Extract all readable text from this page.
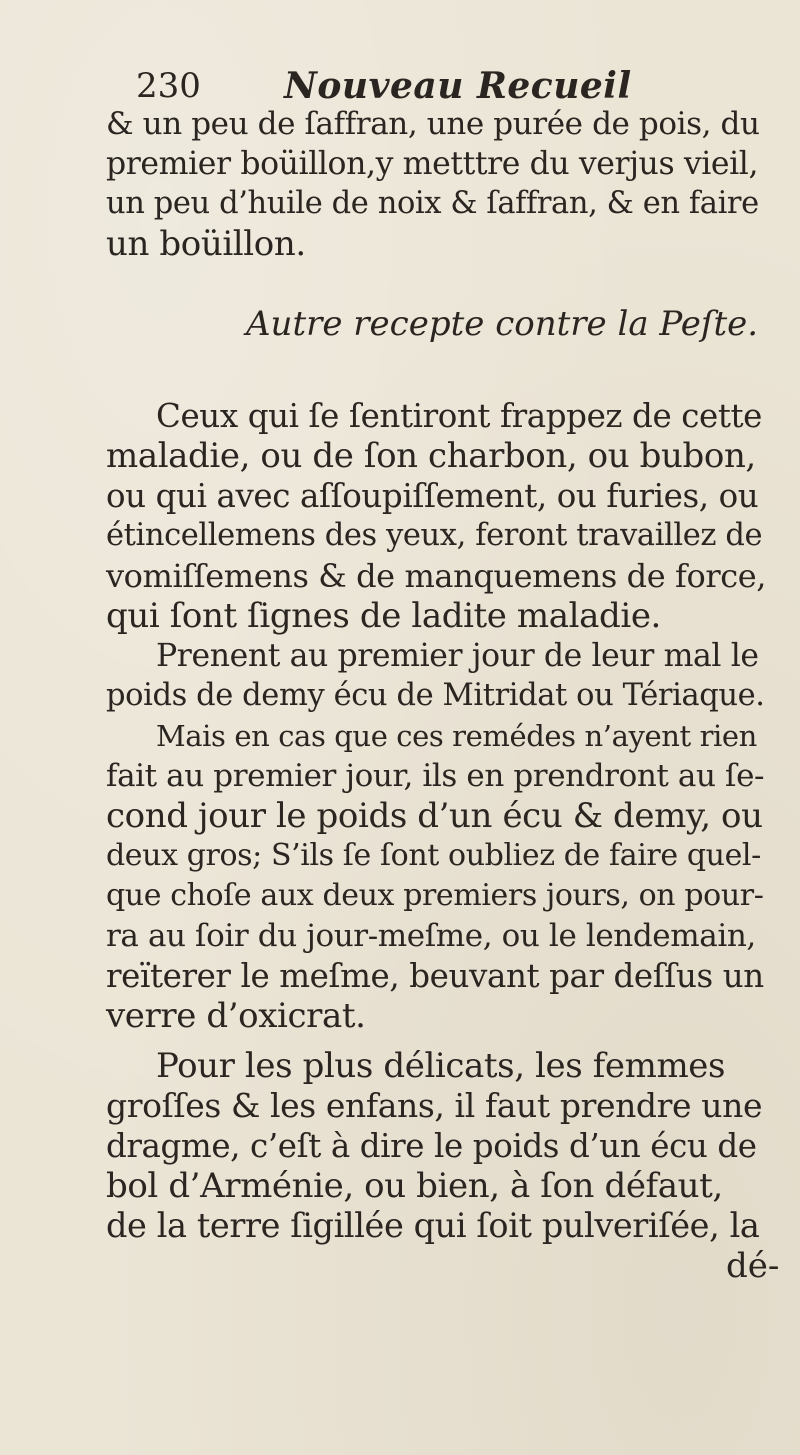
230 Nouveau Recueil
& un peu de ſaffran, une purée de pois, du
premier boüillon,y metttre du verjus vieil,
un peu d’huile de noix & ſaffran, & en faire
un boüillon.
Autre recepte contre la Peſte.
Ceux qui ſe ſentiront frappez de cette
maladie, ou de ſon charbon, ou bubon,
ou qui avec aſſoupiſſement, ou furies, ou
étincellemens des yeux, feront travaillez de
vomiſſemens & de manquemens de force,
qui ſont ſignes de ladite maladie.
Prenent au premier jour de leur mal le
poids de demy écu de Mitridat ou Tériaque.
Mais en cas que ces remédes n’ayent rien
fait au premier jour, ils en prendront au ſe-
cond jour le poids d’un écu & demy, ou
deux gros; S’ils ſe ſont oubliez de faire quel-
que choſe aux deux premiers jours, on pour-
ra au ſoir du jour-meſme, ou le lendemain,
reïterer le meſme, beuvant par deſſus un
verre d’oxicrat.
Pour les plus délicats, les femmes
groſſes & les enfans, il faut prendre une
dragme, c’eſt à dire le poids d’un écu de
bol d’Arménie, ou bien, à ſon défaut,
de la terre ſigillée qui ſoit pulveriſée, la
dé-
